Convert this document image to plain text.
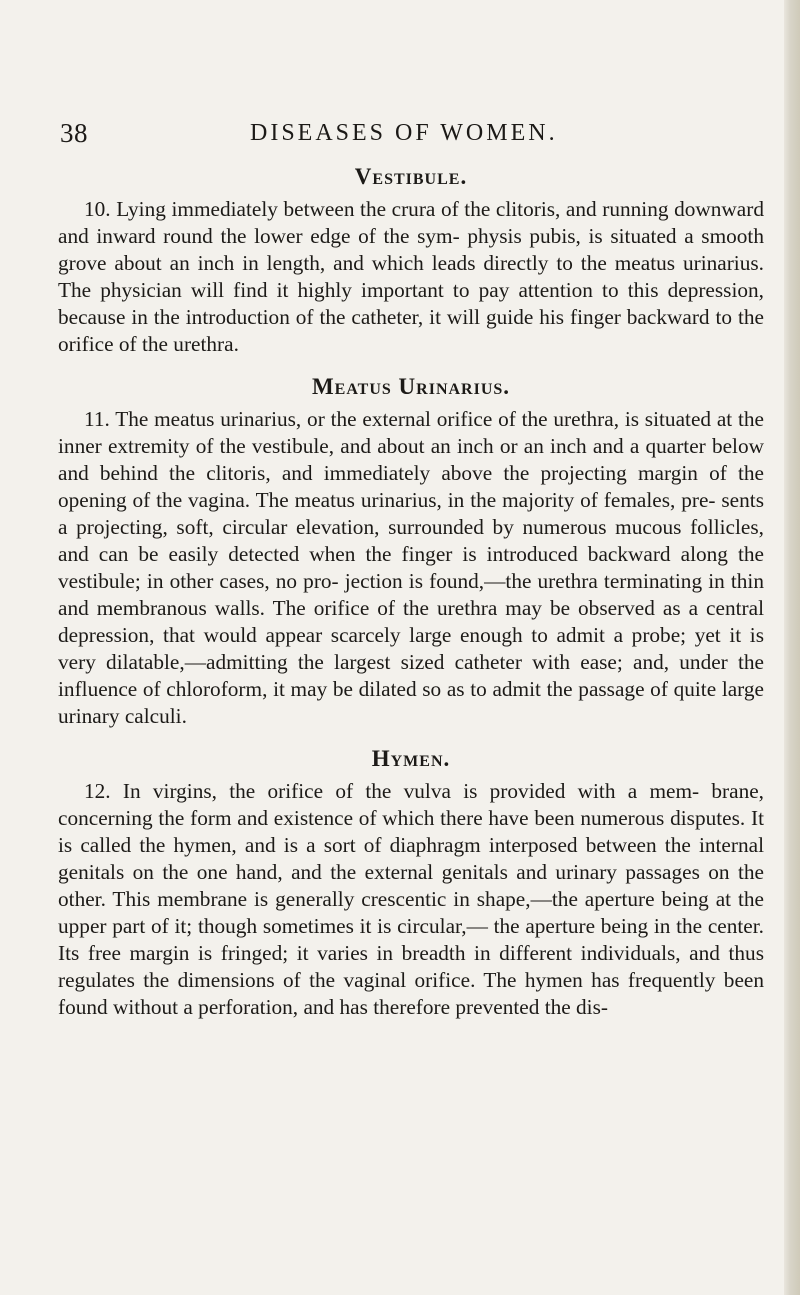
38	DISEASES OF WOMEN.
Vestibule.

10. Lying immediately between the crura of the clitoris, and running downward and inward round the lower edge of the sym- physis pubis, is situated a smooth grove about an inch in length, and which leads directly to the meatus urinarius. The physician will find it highly important to pay attention to this depression, because in the introduction of the catheter, it will guide his finger backward to the orifice of the urethra.

Meatus Urinarius.

11. The meatus urinarius, or the external orifice of the urethra, is situated at the inner extremity of the vestibule, and about an inch or an inch and a quarter below and behind the clitoris, and immediately above the projecting margin of the opening of the vagina. The meatus urinarius, in the majority of females, pre- sents a projecting, soft, circular elevation, surrounded by numerous mucous follicles, and can be easily detected when the finger is introduced backward along the vestibule; in other cases, no pro- jection is found,—the urethra terminating in thin and membranous walls. The orifice of the urethra may be observed as a central depression, that would appear scarcely large enough to admit a probe; yet it is very dilatable,—admitting the largest sized catheter with ease; and, under the influence of chloroform, it may be dilated so as to admit the passage of quite large urinary calculi.

Hymen.

12. In virgins, the orifice of the vulva is provided with a mem- brane, concerning the form and existence of which there have been numerous disputes. It is called the hymen, and is a sort of diaphragm interposed between the internal genitals on the one hand, and the external genitals and urinary passages on the other. This membrane is generally crescentic in shape,—the aperture being at the upper part of it; though sometimes it is circular,— the aperture being in the center. Its free margin is fringed; it varies in breadth in different individuals, and thus regulates the dimensions of the vaginal orifice. The hymen has frequently been found without a perforation, and has therefore prevented the dis-
